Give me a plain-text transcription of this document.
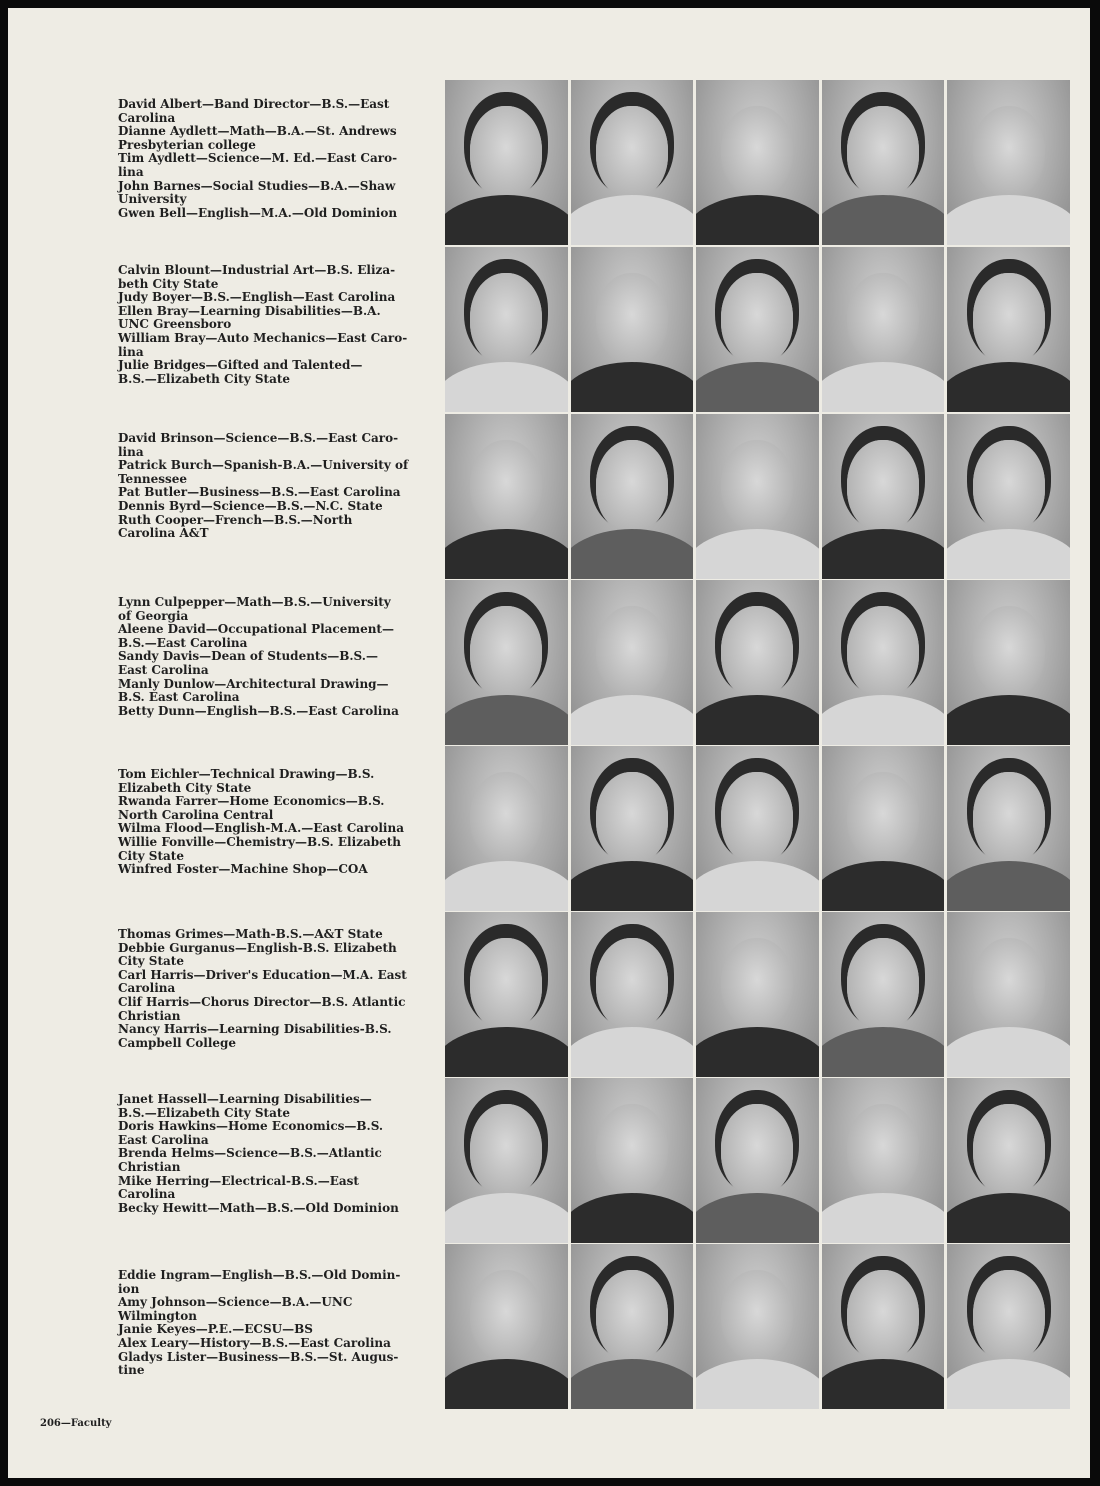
David Albert—Band Director—B.S.—East
Carolina
Dianne Aydlett—Math—B.A.—St. Andrews
Presbyterian college
Tim Aydlett—Science—M. Ed.—East Caro-
lina
John Barnes—Social Studies—B.A.—Shaw
University
Gwen Bell—English—M.A.—Old Dominion
Calvin Blount—Industrial Art—B.S. Eliza-
beth City State
Judy Boyer—B.S.—English—East Carolina
Ellen Bray—Learning Disabilities—B.A.
UNC Greensboro
William Bray—Auto Mechanics—East Caro-
lina
Julie Bridges—Gifted and Talented—
B.S.—Elizabeth City State
David Brinson—Science—B.S.—East Caro-
lina
Patrick Burch—Spanish-B.A.—University of
Tennessee
Pat Butler—Business—B.S.—East Carolina
Dennis Byrd—Science—B.S.—N.C. State
Ruth Cooper—French—B.S.—North
Carolina A&T
Lynn Culpepper—Math—B.S.—University
of Georgia
Aleene David—Occupational Placement—
B.S.—East Carolina
Sandy Davis—Dean of Students—B.S.—
East Carolina
Manly Dunlow—Architectural Drawing—
B.S. East Carolina
Betty Dunn—English—B.S.—East Carolina
Tom Eichler—Technical Drawing—B.S.
Elizabeth City State
Rwanda Farrer—Home Economics—B.S.
North Carolina Central
Wilma Flood—English-M.A.—East Carolina
Willie Fonville—Chemistry—B.S. Elizabeth
City State
Winfred Foster—Machine Shop—COA
Thomas Grimes—Math-B.S.—A&T State
Debbie Gurganus—English-B.S. Elizabeth
City State
Carl Harris—Driver's Education—M.A. East
Carolina
Clif Harris—Chorus Director—B.S. Atlantic
Christian
Nancy Harris—Learning Disabilities-B.S.
Campbell College
Janet Hassell—Learning Disabilities—
B.S.—Elizabeth City State
Doris Hawkins—Home Economics—B.S.
East Carolina
Brenda Helms—Science—B.S.—Atlantic
Christian
Mike Herring—Electrical-B.S.—East
Carolina
Becky Hewitt—Math—B.S.—Old Dominion
Eddie Ingram—English—B.S.—Old Domin-
ion
Amy Johnson—Science—B.A.—UNC
Wilmington
Janie Keyes—P.E.—ECSU—BS
Alex Leary—History—B.S.—East Carolina
Gladys Lister—Business—B.S.—St. Augus-
tine
206—Faculty
